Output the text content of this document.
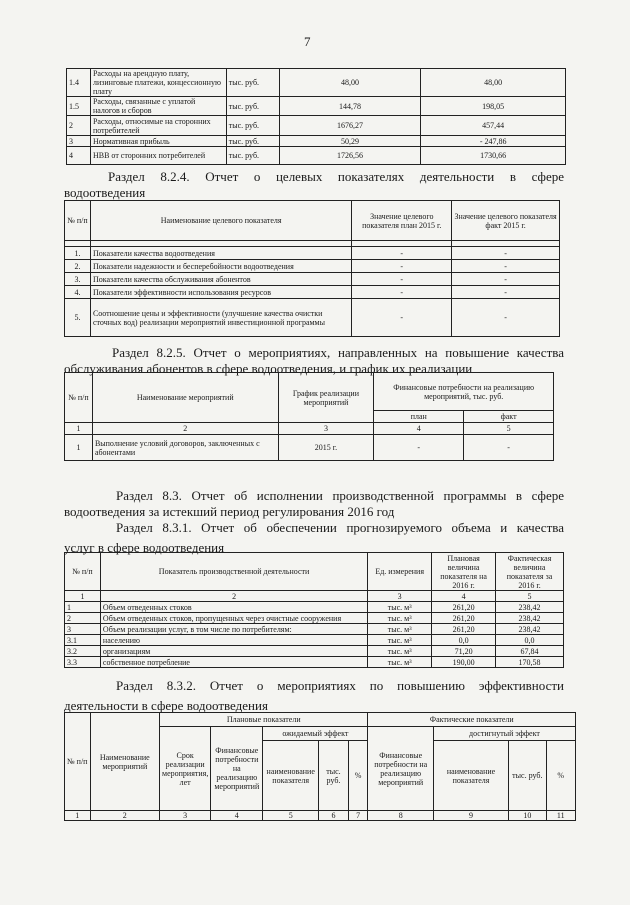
7
1.4	Расходы на арендную плату, лизинговые платежи, концессионную плату	тыс. руб.	48,00	48,00
1.5	Расходы, связанные с уплатой налогов и сборов	тыс. руб.	144,78	198,05
2	Расходы, относимые на сторонних потребителей	тыс. руб.	1676,27	457,44
3	Нормативная прибыль	тыс. руб.	50,29	- 247,86
4	НВВ от сторонних потребителей	тыс. руб.	1726,56	1730,66
Раздел 8.2.4. Отчет о целевых показателях деятельности в сфере
водоотведения
№ п/п	Наименование целевого показателя	Значение целевого показателя план 2015 г.	Значение целевого показателя факт 2015 г.

1.	Показатели качества водоотведения	-	-
2.	Показатели надежности и бесперебойности водоотведения	-	-
3.	Показатели качества обслуживания абонентов	-	-
4.	Показатели эффективности использования ресурсов	-	-
5.	Соотношение цены и эффективности (улучшение качества очистки сточных вод) реализации мероприятий инвестиционной программы	-	-
Раздел 8.2.5. Отчет о мероприятиях, направленных на повышение качества
обслуживания абонентов в сфере водоотведения, и график их реализации
№ п/п	Наименование мероприятий	График реализации мероприятий	Финансовые потребности на реализацию мероприятий, тыс. руб.	
			план	факт
1	2	3	4	5
1	Выполнение условий договоров, заключенных с абонентами	2015 г.	-	-
Раздел 8.3. Отчет об исполнении производственной программы в сфере
водоотведения за истекший период регулирования 2016 год
Раздел 8.3.1. Отчет об обеспечении прогнозируемого объема и качества
услуг в сфере водоотведения
№ п/п	Показатель производственной деятельности	Ед. измерения	Плановая величина показателя на 2016 г.	Фактическая величина показателя за 2016 г.
1	2	3	4	5
1	Объем отведенных стоков	тыс. м³	261,20	238,42
2	Объем отведенных стоков, пропущенных через очистные сооружения	тыс. м³	261,20	238,42
3	Объем реализации услуг, в том числе по потребителям:	тыс. м³	261,20	238,42
3.1	населению	тыс. м³	0,0	0,0
3.2	организациям	тыс. м³	71,20	67,84
3.3	собственное потребление	тыс. м³	190,00	170,58
Раздел 8.3.2. Отчет о мероприятиях по повышению эффективности
деятельности в сфере водоотведения
№ п/п	Наименование мероприятий	Плановые показатели					Фактические показатели			
		Срок реализации мероприятия, лет	Финансовые потребности на реализацию мероприятий	ожидаемый эффект			Финансовые потребности на реализацию мероприятий	достигнутый эффект		
				наименование показателя	тыс. руб.	%		наименование показателя	тыс. руб.	%
1	2	3	4	5	6	7	8	9	10	11
